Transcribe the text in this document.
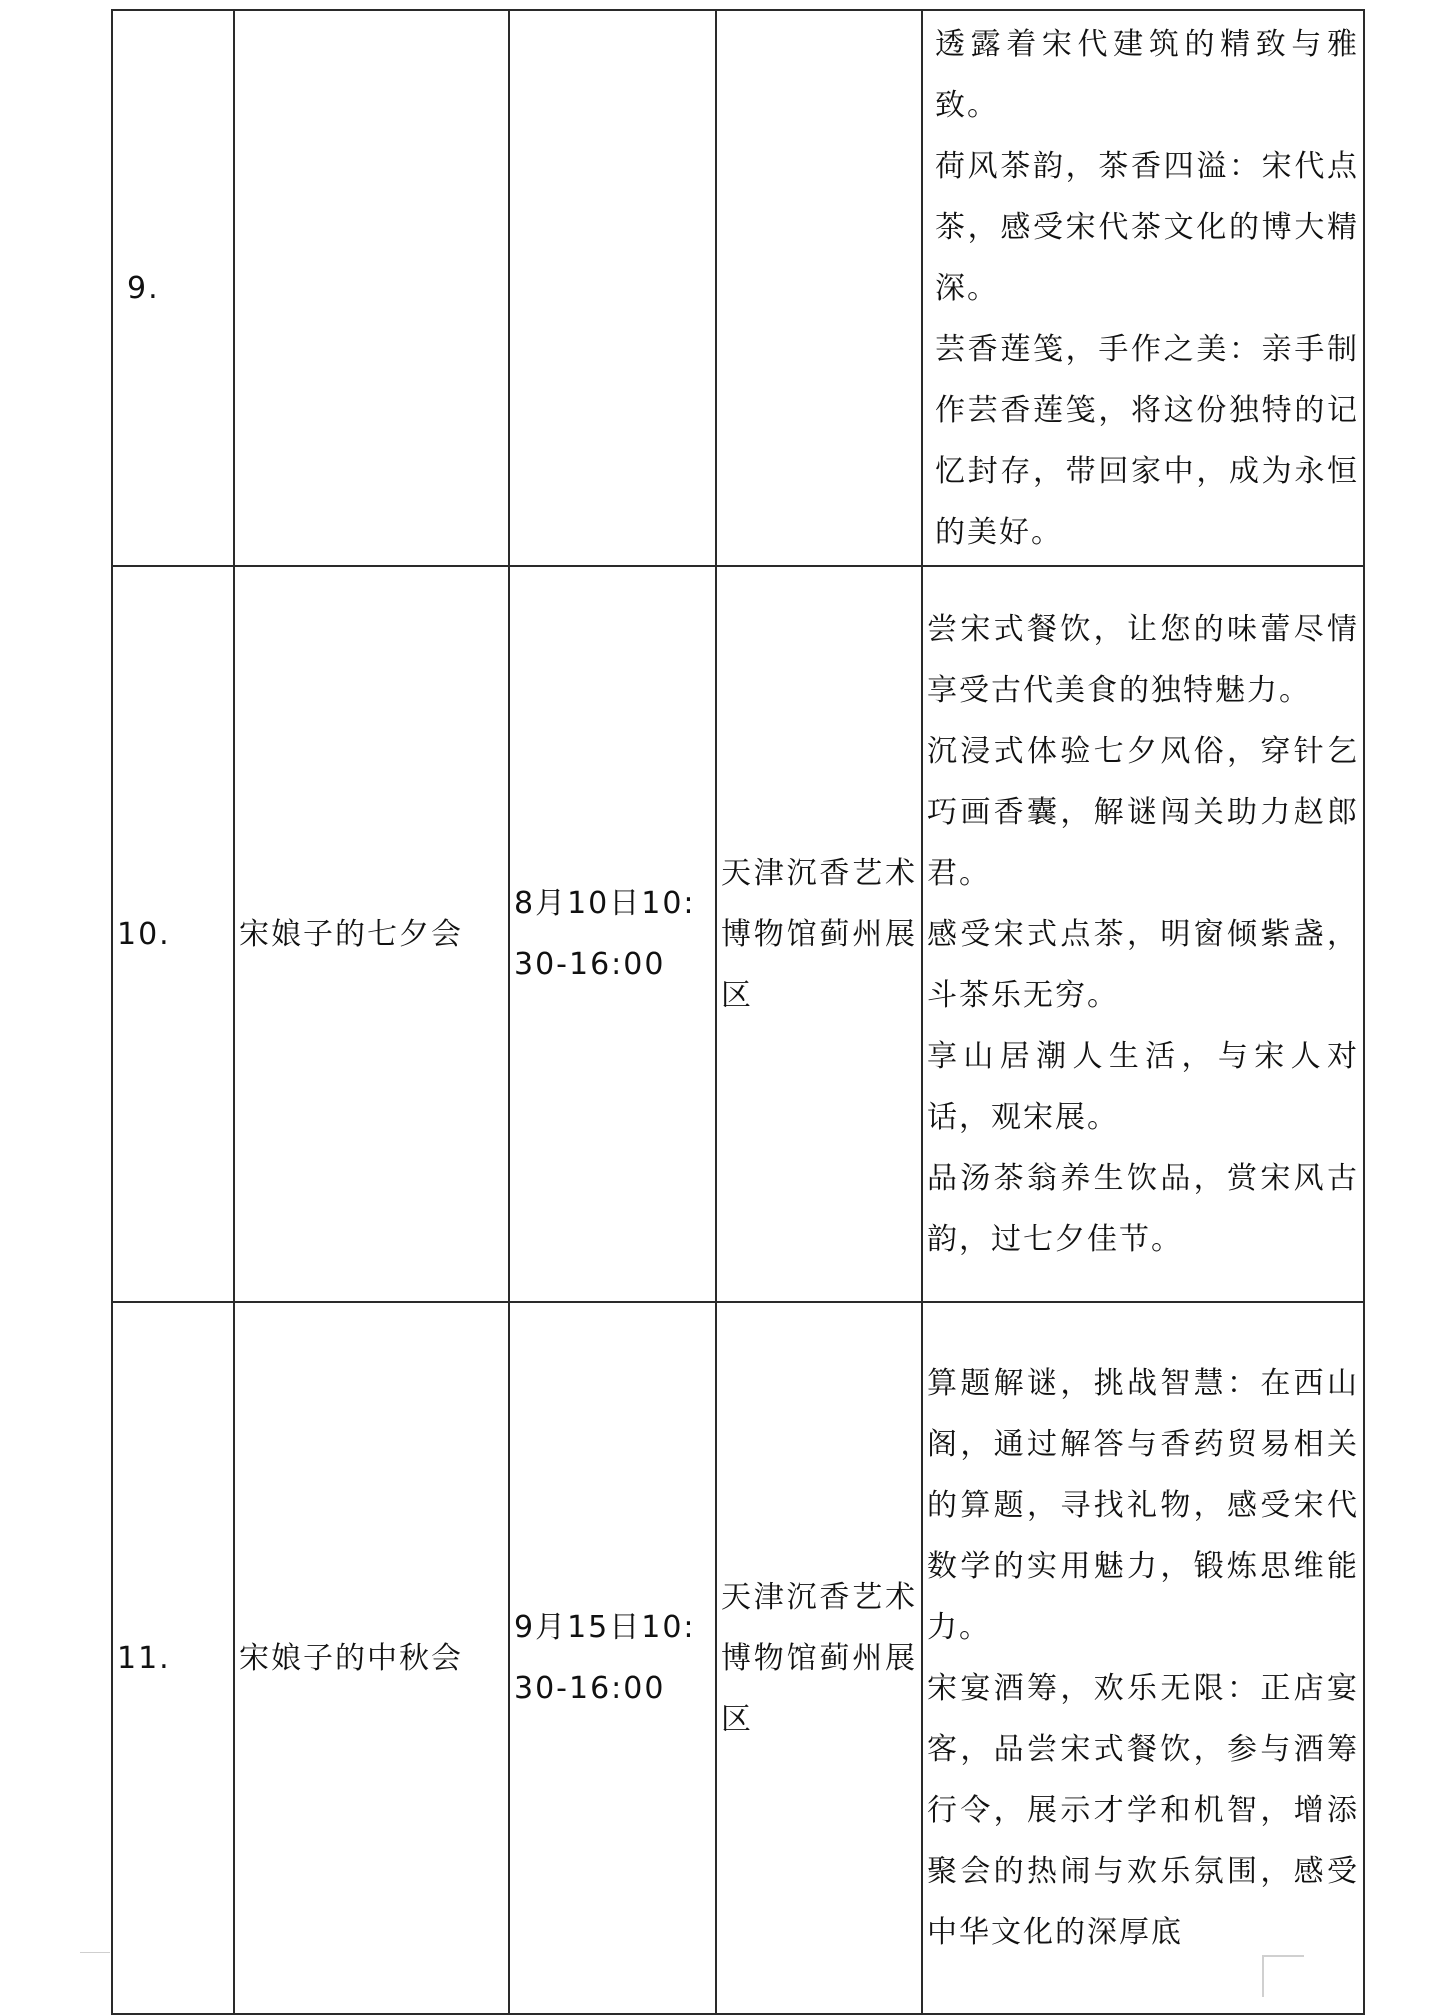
9.				透露着宋代建筑的精致与雅致。
荷风茶韵，茶香四溢：宋代点茶，感受宋代茶文化的博大精深。
芸香莲笺，手作之美：亲手制作芸香莲笺，将这份独特的记忆封存，带回家中，成为永恒的美好。

10.	宋娘子的七夕会	8月10日10:30-16:00	天津沉香艺术博物馆蓟州展区	尝宋式餐饮，让您的味蕾尽情享受古代美食的独特魅力。
沉浸式体验七夕风俗，穿针乞巧画香囊，解谜闯关助力赵郎君。
感受宋式点茶，明窗倾紫盏，斗茶乐无穷。
享山居潮人生活，与宋人对话，观宋展。
品汤茶翁养生饮品，赏宋风古韵，过七夕佳节。

11.	宋娘子的中秋会	9月15日10:30-16:00	天津沉香艺术博物馆蓟州展区	算题解谜，挑战智慧：在西山阁，通过解答与香药贸易相关的算题，寻找礼物，感受宋代数学的实用魅力，锻炼思维能力。
宋宴酒筹，欢乐无限：正店宴客，品尝宋式餐饮，参与酒筹行令，展示才学和机智，增添聚会的热闹与欢乐氛围，感受中华文化的深厚底
